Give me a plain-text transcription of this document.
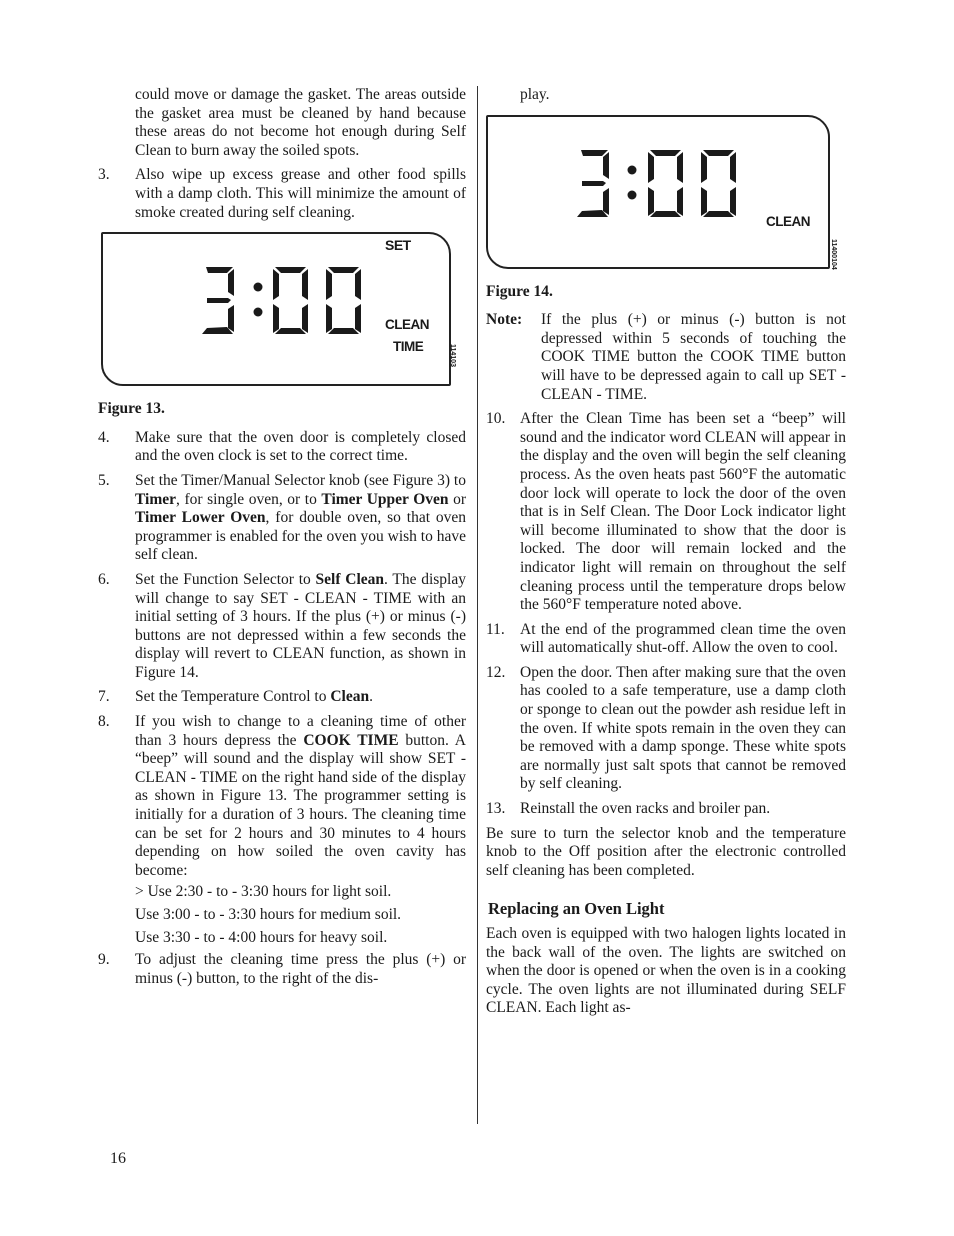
could move or damage the gasket. The areas outside the gasket area must be cleaned by hand because these areas do not become hot enough during Self Clean to burn away the soiled spots.

3. Also wipe up excess grease and other food spills with a damp cloth. This will minimize the amount of smoke created during self cleaning.
SET
CLEAN
TIME	114103
Figure 13.
4. Make sure that the oven door is completely closed and the oven clock is set to the correct time.
5. Set the Timer/Manual Selector knob (see Figure 3) to Timer, for single oven, or to Timer Upper Oven or Timer Lower Oven, for double oven, so that oven programmer is enabled for the oven you wish to have self clean.
6. Set the Function Selector to Self Clean. The display will change to say SET - CLEAN - TIME with an initial setting of 3 hours. If the plus (+) or minus (-) buttons are not depressed within a few seconds the display will revert to CLEAN function, as shown in Figure 14.
7. Set the Temperature Control to Clean.
8. If you wish to change to a cleaning time of other than 3 hours depress the COOK TIME button. A “beep” will sound and the display will show SET - CLEAN - TIME on the right hand side of the display as shown in Figure 13. The programmer setting is initially for a duration of 3 hours. The cleaning time can be set for 2 hours and 30 minutes to 4 hours depending on how soiled the oven cavity has become:
> Use 2:30 - to - 3:30 hours for light soil.
Use 3:00 - to - 3:30 hours for medium soil.
Use 3:30 - to - 4:00 hours for heavy soil.
9. To adjust the cleaning time press the plus (+) or minus (-) button, to the right of the dis-

play.

CLEAN
11400104
Figure 14.
Note: If the plus (+) or minus (-) button is not depressed within 5 seconds of touching the COOK TIME button the COOK TIME button will have to be depressed again to call up SET - CLEAN - TIME.
10. After the Clean Time has been set a “beep” will sound and the indicator word CLEAN will appear in the display and the oven will begin the self cleaning process. As the oven heats past 560°F the automatic door lock will operate to lock the door of the oven that is in Self Clean. The Door Lock indicator light will become illuminated to show that the door is locked. The door will remain locked and the indicator light will remain on throughout the self cleaning process until the temperature drops below the 560°F temperature noted above.
11. At the end of the programmed clean time the oven will automatically shut-off. Allow the oven to cool.
12. Open the door. Then after making sure that the oven has cooled to a safe temperature, use a damp cloth or sponge to clean out the powder ash residue left in the oven. If white spots remain in the oven they can be removed with a damp sponge. These white spots are normally just salt spots that cannot be removed by self cleaning.
13. Reinstall the oven racks and broiler pan.

Be sure to turn the selector knob and the temperature knob to the Off position after the electronic controlled self cleaning has been completed.

Replacing an Oven Light

Each oven is equipped with two halogen lights located in the back wall of the oven. The lights are switched on when the door is opened or when the oven is in a cooking cycle. The oven lights are not illuminated during SELF CLEAN. Each light as-

16
